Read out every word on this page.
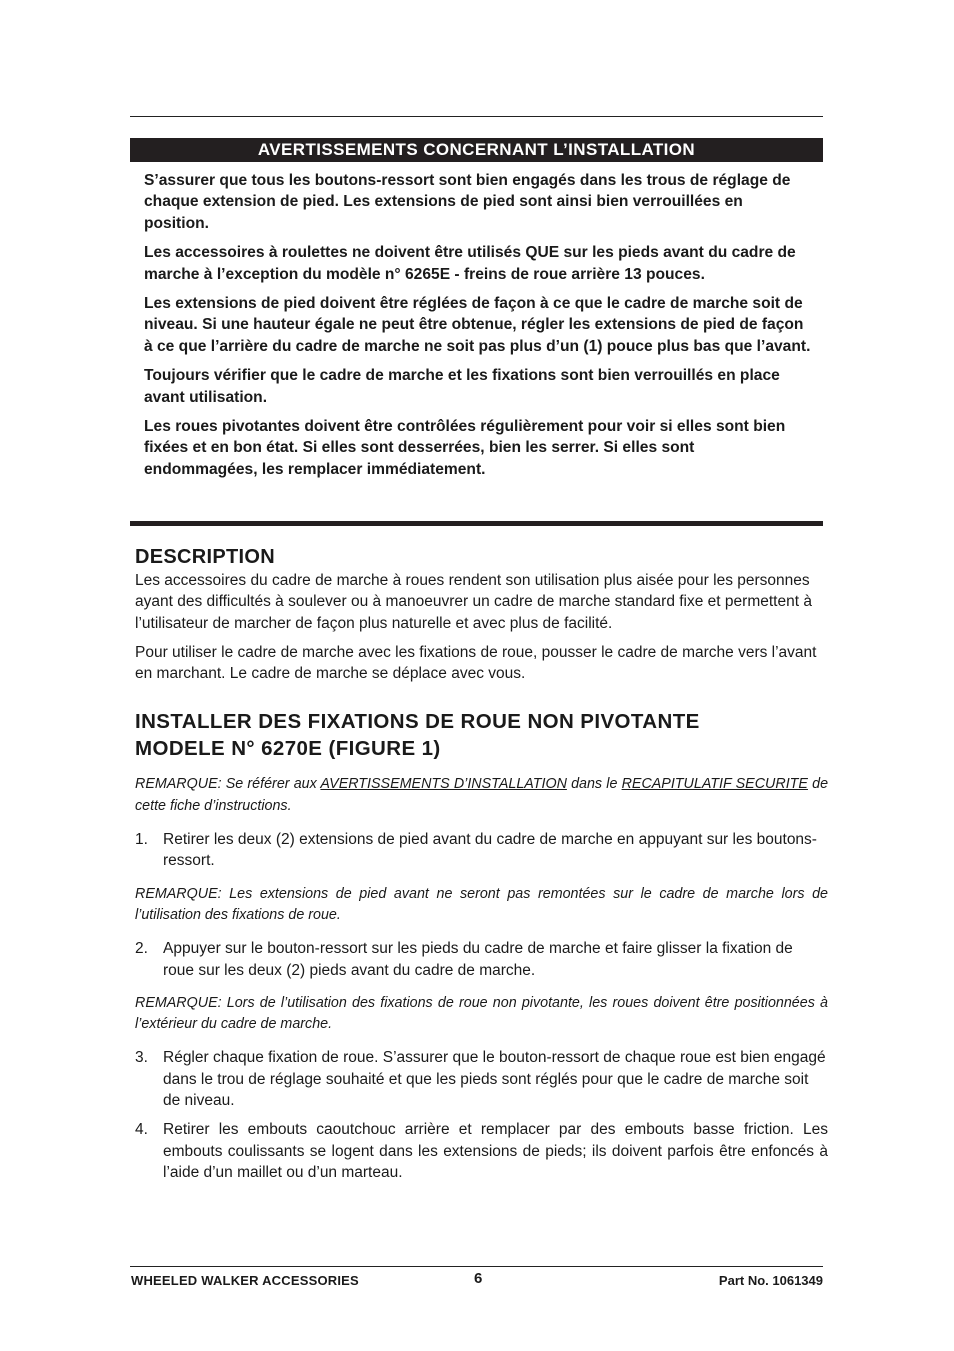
AVERTISSEMENTS CONCERNANT L’INSTALLATION

S’assurer que tous les boutons-ressort sont bien engagés dans les trous de réglage de chaque extension de pied. Les extensions de pied sont ainsi bien verrouillées en position.

Les accessoires à roulettes ne doivent être utilisés QUE sur les pieds avant du cadre de marche à l’exception du modèle n° 6265E - freins de roue arrière 13 pouces.

Les extensions de pied doivent être réglées de façon à ce que le cadre de marche soit de niveau. Si une hauteur égale ne peut être obtenue, régler les extensions de pied de façon à ce que l’arrière du cadre de marche ne soit pas plus d’un (1) pouce plus bas que l’avant.

Toujours vérifier que le cadre de marche et les fixations sont bien verrouillés en place avant utilisation.

Les roues pivotantes doivent être contrôlées régulièrement pour voir si elles sont bien fixées et en bon état. Si elles sont desserrées, bien les serrer. Si elles sont endommagées, les remplacer immédiatement.

DESCRIPTION

Les accessoires du cadre de marche à roues rendent son utilisation plus aisée pour les personnes ayant des difficultés à soulever ou à manoeuvrer un cadre de marche standard fixe et permettent à l’utilisateur de marcher de façon plus naturelle et avec plus de facilité.

Pour utiliser le cadre de marche avec les fixations de roue, pousser le cadre de marche vers l’avant en marchant. Le cadre de marche se déplace avec vous.

INSTALLER DES FIXATIONS DE ROUE NON PIVOTANTE
MODELE N° 6270E (FIGURE 1)

REMARQUE: Se référer aux AVERTISSEMENTS D’INSTALLATION dans le RECAPITULATIF SECURITE de cette fiche d’instructions.

1. Retirer les deux (2) extensions de pied avant du cadre de marche en appuyant sur les boutons-ressort.

REMARQUE: Les extensions de pied avant ne seront pas remontées sur le cadre de marche lors de l’utilisation des fixations de roue.

2. Appuyer sur le bouton-ressort sur les pieds du cadre de marche et faire glisser la fixation de roue sur les deux (2) pieds avant du cadre de marche.

REMARQUE: Lors de l’utilisation des fixations de roue non pivotante, les roues doivent être positionnées à l’extérieur du cadre de marche.

3. Régler chaque fixation de roue. S’assurer que le bouton-ressort de chaque roue est bien engagé dans le trou de réglage souhaité et que les pieds sont réglés pour que le cadre de marche soit de niveau.
4. Retirer les embouts caoutchouc arrière et remplacer par des embouts basse friction. Les embouts coulissants se logent dans les extensions de pieds; ils doivent parfois être enfoncés à l’aide d’un maillet ou d’un marteau.
WHEELED WALKER ACCESSORIES	6	Part No. 1061349
